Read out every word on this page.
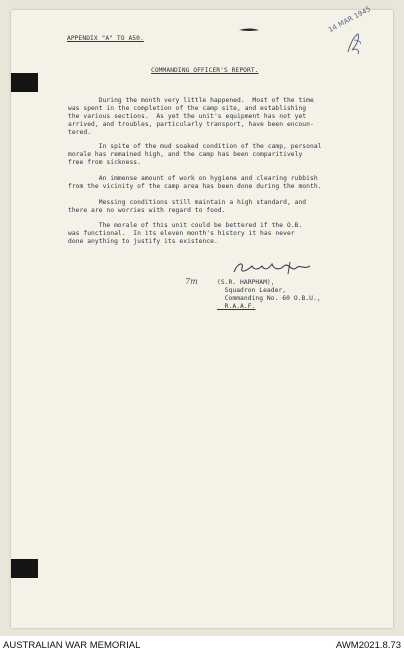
APPENDIX "A" TO A50.
14 MAR 1945
COMMANDING OFFICER'S REPORT.
During the month very little happened.  Most of the time
was spent in the completion of the camp site, and establishing
the various sections.  As yet the unit's equipment has not yet
arrived, and troubles, particularly transport, have been encoun-
tered.
In spite of the mud soaked condition of the camp, personal
morale has remained high, and the camp has been comparitively
free from sickness.
An immense amount of work on hygiene and clearing rubbish
from the vicinity of the camp area has been done during the month.
Messing conditions still maintain a high standard, and
there are no worries with regard to food.
The morale of this unit could be bettered if the O.B.
was functional.  In its eleven month's history it has never
done anything to justify its existence.
7m	(S.R. HARPHAM),
Squadron Leader,
Commanding No. 60 O.B.U.,
R.A.A.F.
AUSTRALIAN WAR MEMORIAL	AWM2021.8.73
